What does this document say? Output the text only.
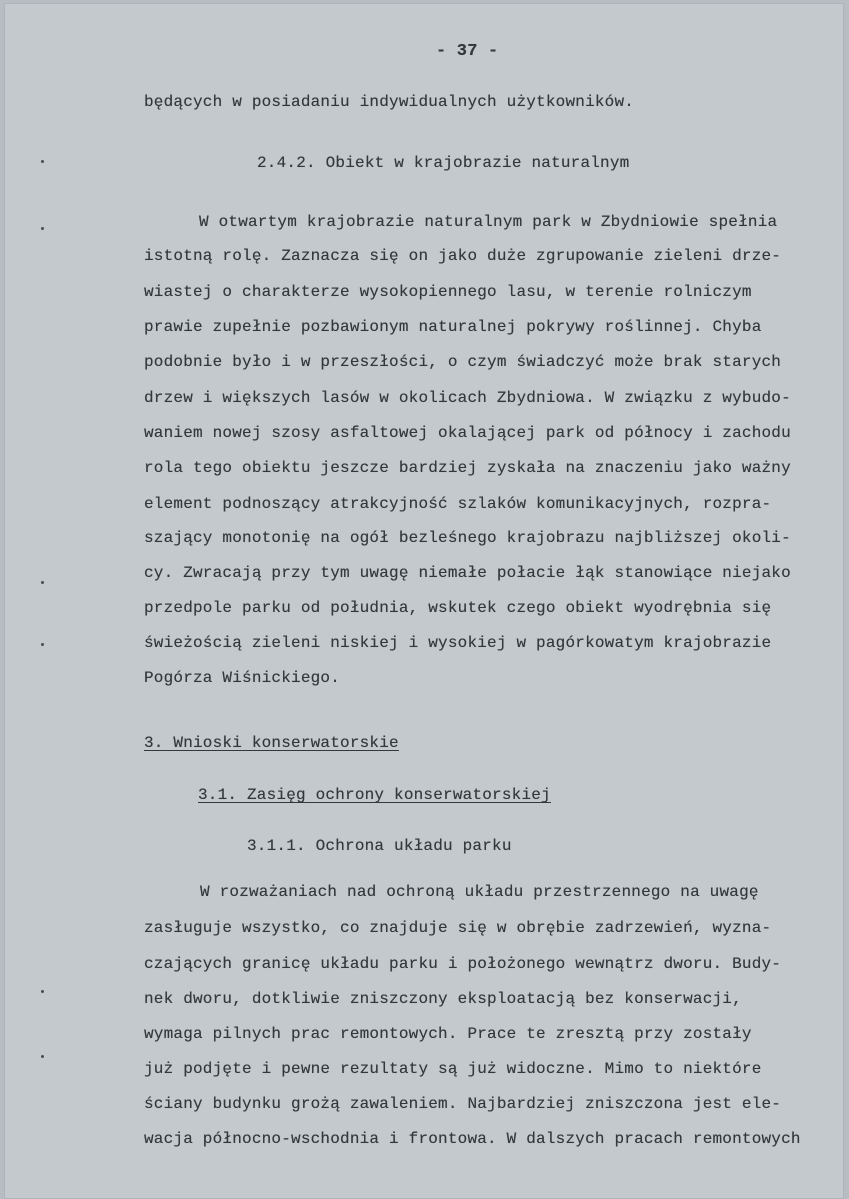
- 37 -
będących w posiadaniu indywidualnych użytkowników.
2.4.2. Obiekt w krajobrazie naturalnym
W otwartym krajobrazie naturalnym park w Zbydniowie spełnia
istotną rolę. Zaznacza się on jako duże zgrupowanie zieleni drze-
wiastej o charakterze wysokopiennego lasu, w terenie rolniczym
prawie zupełnie pozbawionym naturalnej pokrywy roślinnej. Chyba
podobnie było i w przeszłości, o czym świadczyć może brak starych
drzew i większych lasów w okolicach Zbydniowa. W związku z wybudo-
waniem nowej szosy asfaltowej okalającej park od północy i zachodu
rola tego obiektu jeszcze bardziej zyskała na znaczeniu jako ważny
element podnoszący atrakcyjność szlaków komunikacyjnych, rozpra-
szający monotonię na ogół bezleśnego krajobrazu najbliższej okoli-
cy. Zwracają przy tym uwagę niemałe połacie łąk stanowiące niejako
przedpole parku od południa, wskutek czego obiekt wyodrębnia się
świeżością zieleni niskiej i wysokiej w pagórkowatym krajobrazie
Pogórza Wiśnickiego.
3. Wnioski konserwatorskie
3.1. Zasięg ochrony konserwatorskiej
3.1.1. Ochrona układu parku
W rozważaniach nad ochroną układu przestrzennego na uwagę
zasługuje wszystko, co znajduje się w obrębie zadrzewień, wyzna-
czających granicę układu parku i położonego wewnątrz dworu. Budy-
nek dworu, dotkliwie zniszczony eksploatacją bez konserwacji,
wymaga pilnych prac remontowych. Prace te zresztą przy zostały
już podjęte i pewne rezultaty są już widoczne. Mimo to niektóre
ściany budynku grożą zawaleniem. Najbardziej zniszczona jest ele-
wacja północno-wschodnia i frontowa. W dalszych pracach remontowych
